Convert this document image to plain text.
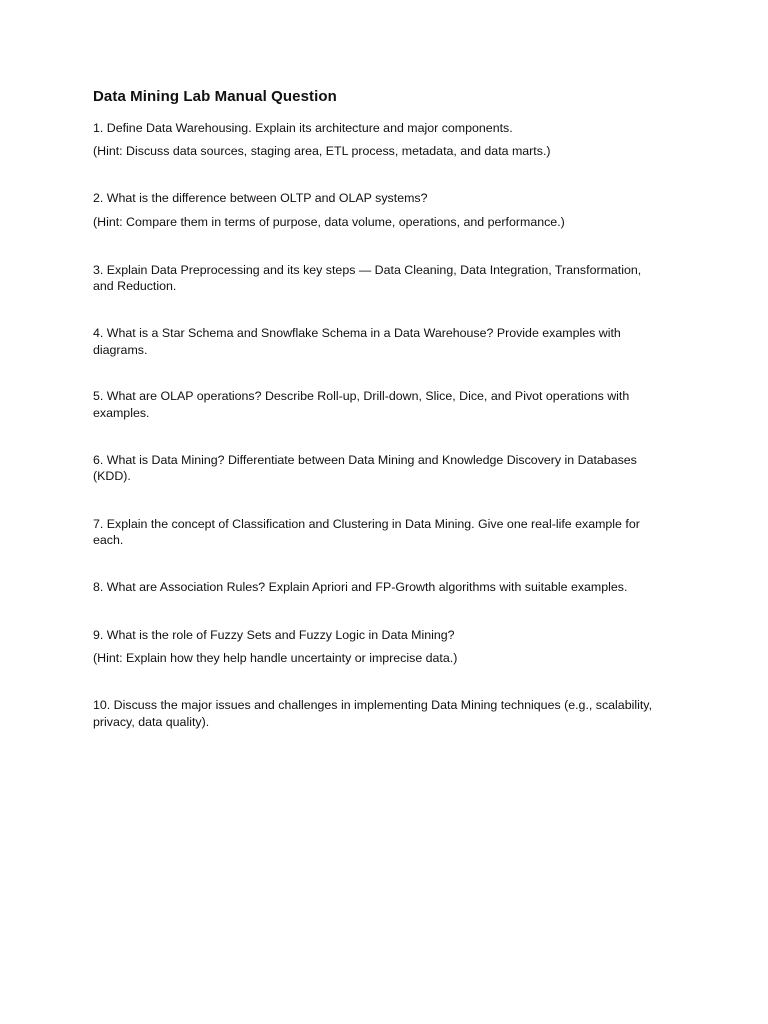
Data Mining Lab Manual Question
1. Define Data Warehousing. Explain its architecture and major components.
(Hint: Discuss data sources, staging area, ETL process, metadata, and data marts.)
2. What is the difference between OLTP and OLAP systems?
(Hint: Compare them in terms of purpose, data volume, operations, and performance.)
3. Explain Data Preprocessing and its key steps — Data Cleaning, Data Integration, Transformation,
and Reduction.
4. What is a Star Schema and Snowflake Schema in a Data Warehouse? Provide examples with
diagrams.
5. What are OLAP operations? Describe Roll-up, Drill-down, Slice, Dice, and Pivot operations with
examples.
6. What is Data Mining? Differentiate between Data Mining and Knowledge Discovery in Databases
(KDD).
7. Explain the concept of Classification and Clustering in Data Mining. Give one real-life example for
each.
8. What are Association Rules? Explain Apriori and FP-Growth algorithms with suitable examples.
9. What is the role of Fuzzy Sets and Fuzzy Logic in Data Mining?
(Hint: Explain how they help handle uncertainty or imprecise data.)
10. Discuss the major issues and challenges in implementing Data Mining techniques (e.g., scalability,
privacy, data quality).
